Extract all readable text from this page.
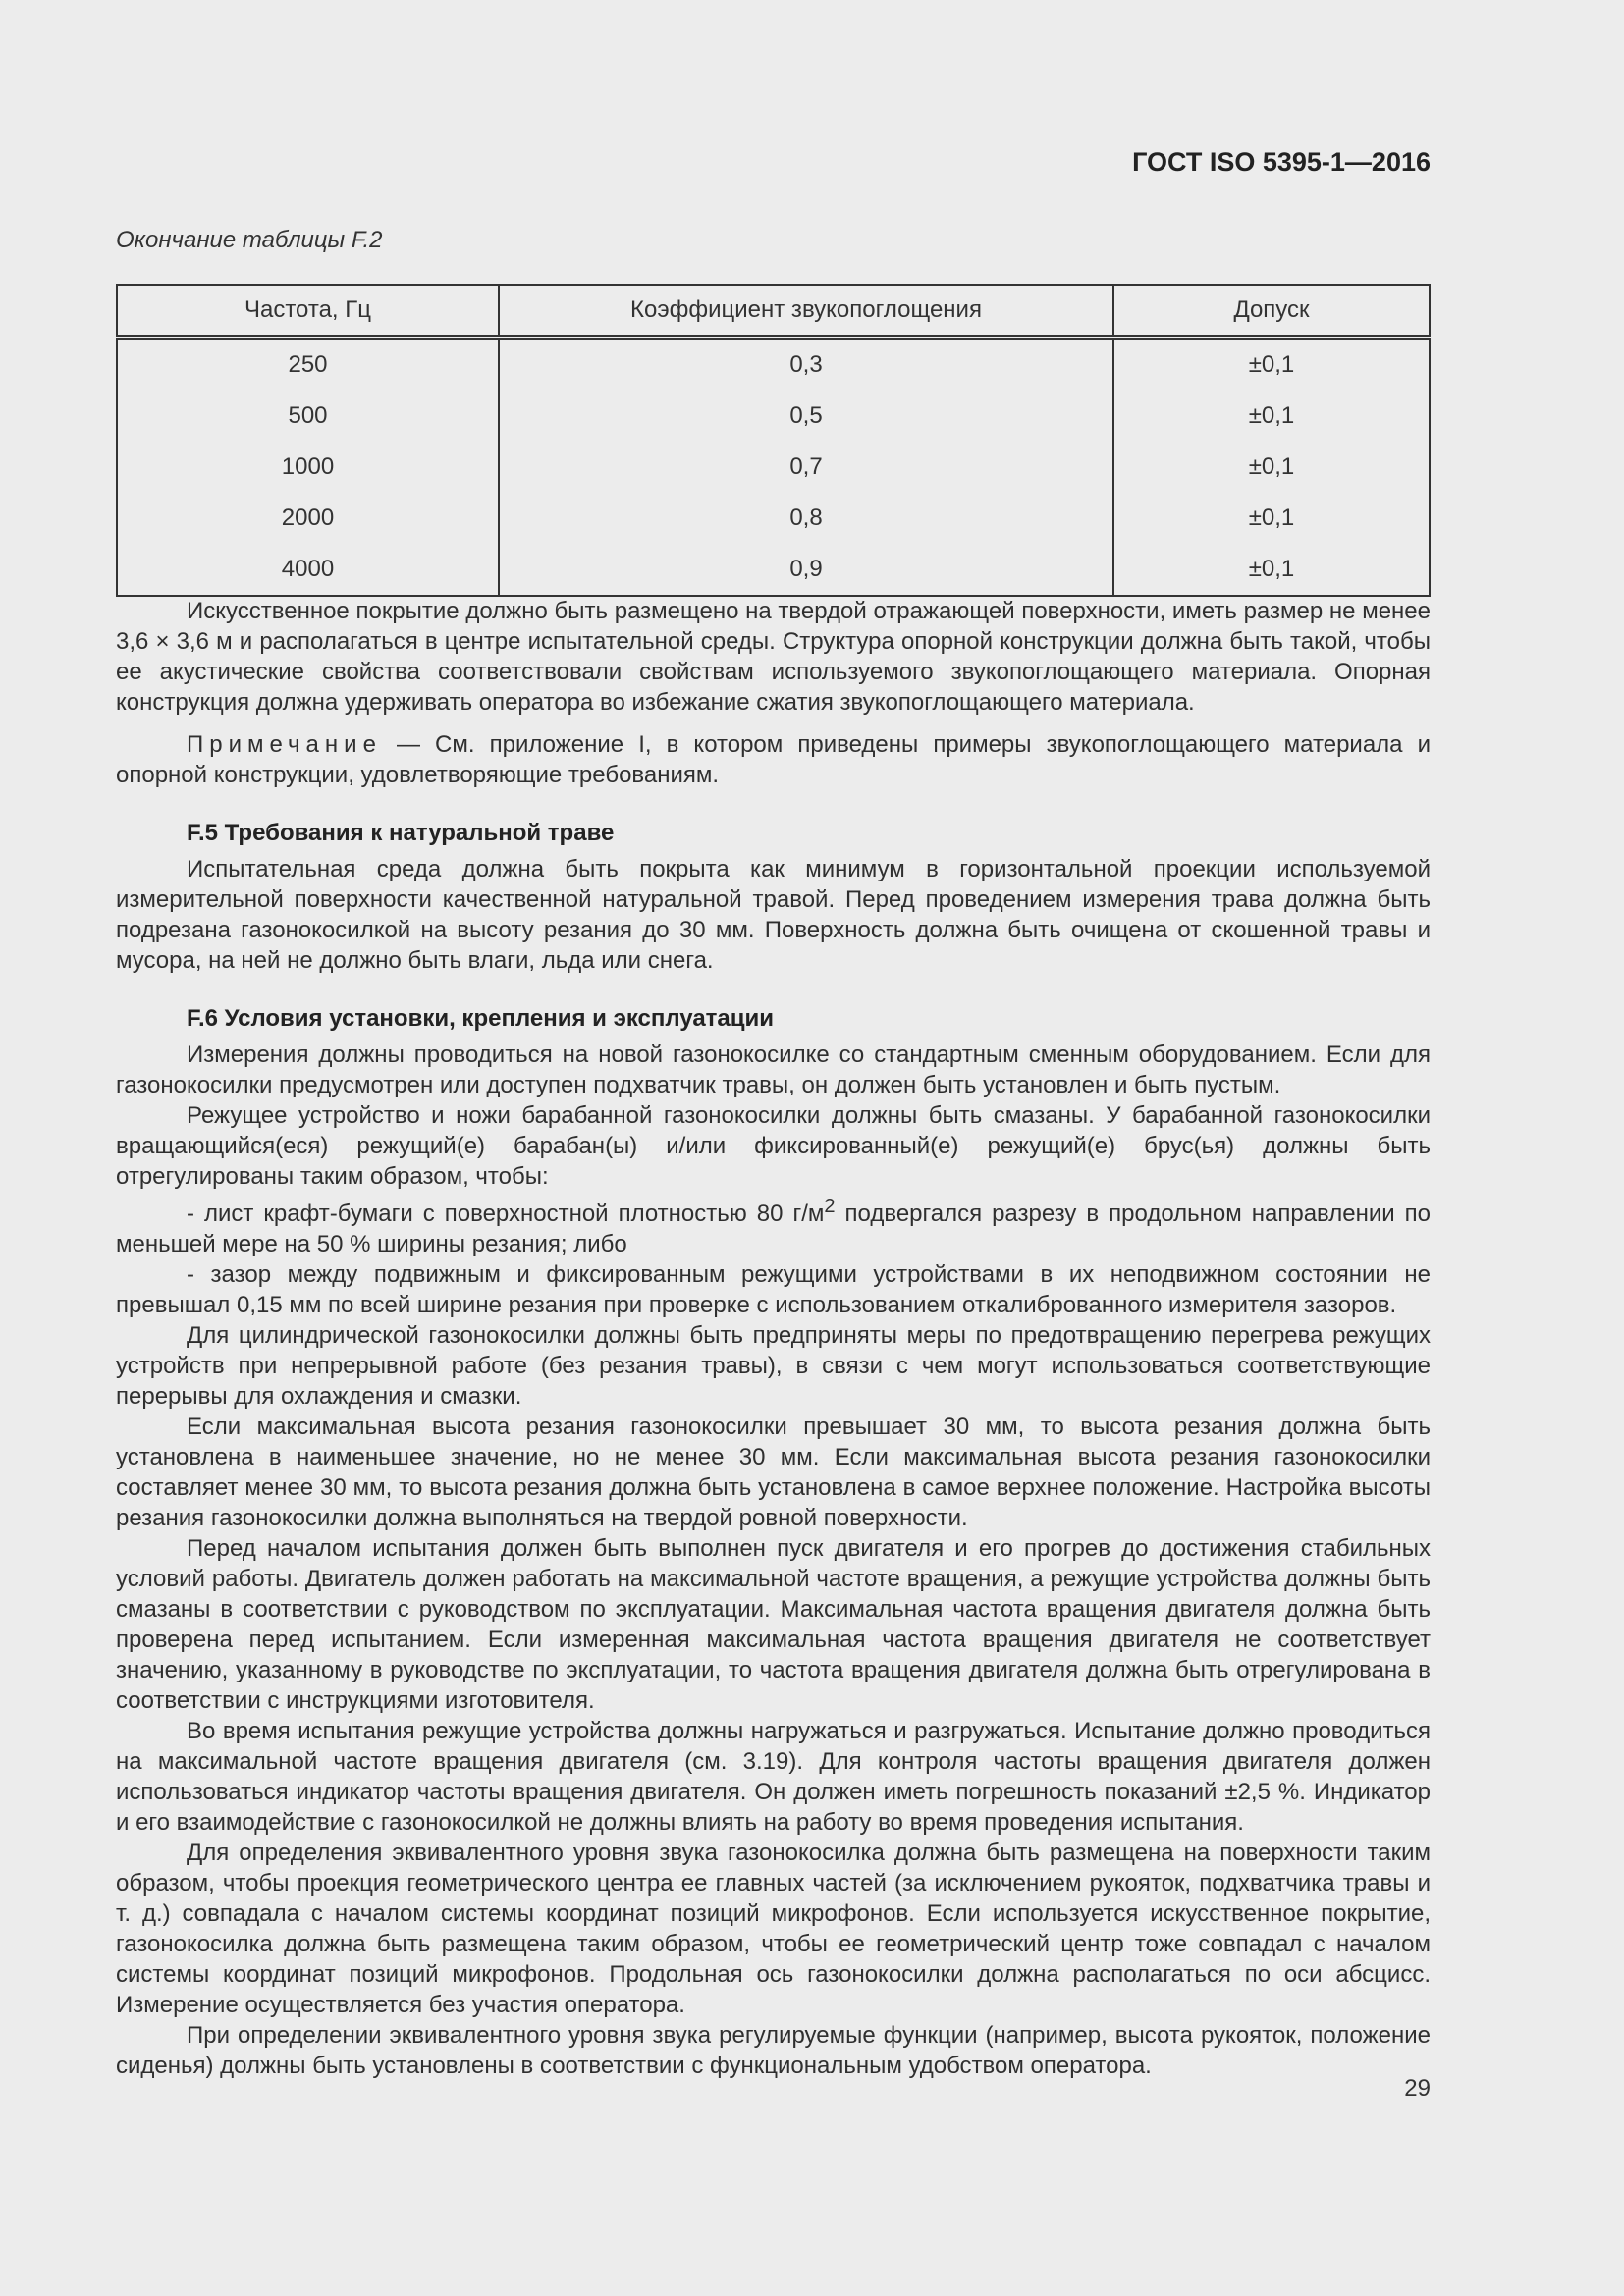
ГОСТ ISO 5395-1—2016
Окончание таблицы F.2
Частота, Гц	Коэффициент звукопоглощения	Допуск
250	0,3	±0,1
500	0,5	±0,1
1000	0,7	±0,1
2000	0,8	±0,1
4000	0,9	±0,1

Искусственное покрытие должно быть размещено на твердой отражающей поверхности, иметь размер не менее 3,6 × 3,6 м и располагаться в центре испытательной среды. Структура опорной конструкции должна быть такой, чтобы ее акустические свойства соответствовали свойствам используемого звукопоглощающего материала. Опорная конструкция должна удерживать оператора во избежание сжатия звукопоглощающего материала.

Примечание — См. приложение I, в котором приведены примеры звукопоглощающего материала и опорной конструкции, удовлетворяющие требованиям.

F.5 Требования к натуральной траве

Испытательная среда должна быть покрыта как минимум в горизонтальной проекции используемой измерительной поверхности качественной натуральной травой. Перед проведением измерения трава должна быть подрезана газонокосилкой на высоту резания до 30 мм. Поверхность должна быть очищена от скошенной травы и мусора, на ней не должно быть влаги, льда или снега.

F.6 Условия установки, крепления и эксплуатации

Измерения должны проводиться на новой газонокосилке со стандартным сменным оборудованием. Если для газонокосилки предусмотрен или доступен подхватчик травы, он должен быть установлен и быть пустым.

Режущее устройство и ножи барабанной газонокосилки должны быть смазаны. У барабанной газонокосилки вращающийся(еся) режущий(е) барабан(ы) и/или фиксированный(е) режущий(е) брус(ья) должны быть отрегулированы таким образом, чтобы:

- лист крафт-бумаги с поверхностной плотностью 80 $г/м^2$ подвергался разрезу в продольном направлении по меньшей мере на 50 % ширины резания; либо

- зазор между подвижным и фиксированным режущими устройствами в их неподвижном состоянии не превышал 0,15 мм по всей ширине резания при проверке с использованием откалиброванного измерителя зазоров.

Для цилиндрической газонокосилки должны быть предприняты меры по предотвращению перегрева режущих устройств при непрерывной работе (без резания травы), в связи с чем могут использоваться соответствующие перерывы для охлаждения и смазки.

Если максимальная высота резания газонокосилки превышает 30 мм, то высота резания должна быть установлена в наименьшее значение, но не менее 30 мм. Если максимальная высота резания газонокосилки составляет менее 30 мм, то высота резания должна быть установлена в самое верхнее положение. Настройка высоты резания газонокосилки должна выполняться на твердой ровной поверхности.

Перед началом испытания должен быть выполнен пуск двигателя и его прогрев до достижения стабильных условий работы. Двигатель должен работать на максимальной частоте вращения, а режущие устройства должны быть смазаны в соответствии с руководством по эксплуатации. Максимальная частота вращения двигателя должна быть проверена перед испытанием. Если измеренная максимальная частота вращения двигателя не соответствует значению, указанному в руководстве по эксплуатации, то частота вращения двигателя должна быть отрегулирована в соответствии с инструкциями изготовителя.

Во время испытания режущие устройства должны нагружаться и разгружаться. Испытание должно проводиться на максимальной частоте вращения двигателя (см. 3.19). Для контроля частоты вращения двигателя должен использоваться индикатор частоты вращения двигателя. Он должен иметь погрешность показаний ±2,5 %. Индикатор и его взаимодействие с газонокосилкой не должны влиять на работу во время проведения испытания.

Для определения эквивалентного уровня звука газонокосилка должна быть размещена на поверхности таким образом, чтобы проекция геометрического центра ее главных частей (за исключением рукояток, подхватчика травы и т. д.) совпадала с началом системы координат позиций микрофонов. Если используется искусственное покрытие, газонокосилка должна быть размещена таким образом, чтобы ее геометрический центр тоже совпадал с началом системы координат позиций микрофонов. Продольная ось газонокосилки должна располагаться по оси абсцисс. Измерение осуществляется без участия оператора.

При определении эквивалентного уровня звука регулируемые функции (например, высота рукояток, положение сиденья) должны быть установлены в соответствии с функциональным удобством оператора.

29
